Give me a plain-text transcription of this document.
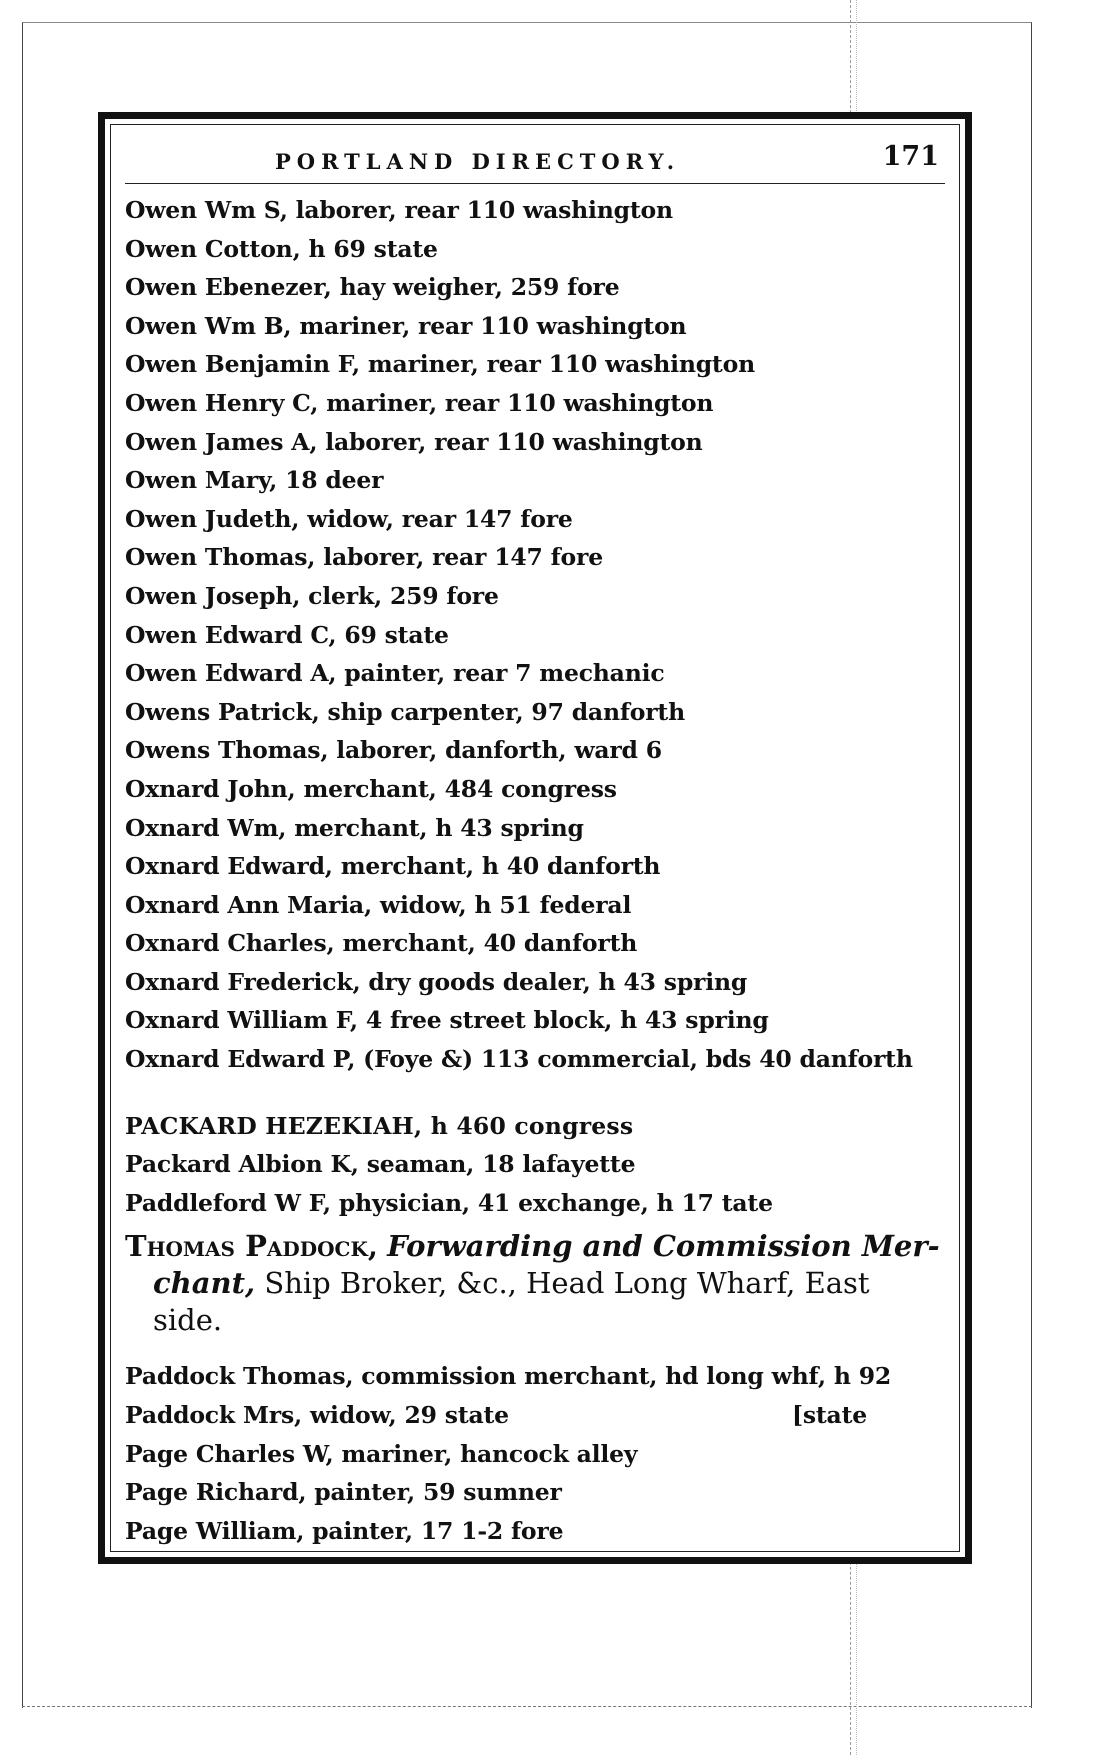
PORTLAND DIRECTORY.	171
Owen Wm S, laborer, rear 110 washington
Owen Cotton, h 69 state
Owen Ebenezer, hay weigher, 259 fore
Owen Wm B, mariner, rear 110 washington
Owen Benjamin F, mariner, rear 110 washington
Owen Henry C, mariner, rear 110 washington
Owen James A, laborer, rear 110 washington
Owen Mary, 18 deer
Owen Judeth, widow, rear 147 fore
Owen Thomas, laborer, rear 147 fore
Owen Joseph, clerk, 259 fore
Owen Edward C, 69 state
Owen Edward A, painter, rear 7 mechanic
Owens Patrick, ship carpenter, 97 danforth
Owens Thomas, laborer, danforth, ward 6
Oxnard John, merchant, 484 congress
Oxnard Wm, merchant, h 43 spring
Oxnard Edward, merchant, h 40 danforth
Oxnard Ann Maria, widow, h 51 federal
Oxnard Charles, merchant, 40 danforth
Oxnard Frederick, dry goods dealer, h 43 spring
Oxnard William F, 4 free street block, h 43 spring
Oxnard Edward P, (Foye &) 113 commercial, bds 40 danforth
PACKARD HEZEKIAH, h 460 congress
Packard Albion K, seaman, 18 lafayette
Paddleford W F, physician, 41 exchange, h 17 tate
Thomas Paddock, Forwarding and Commission Mer-
chant, Ship Broker, &c., Head Long Wharf, East
side.
Paddock Thomas, commission merchant, hd long whf, h 92
Paddock Mrs, widow, 29 state	[state
Page Charles W, mariner, hancock alley
Page Richard, painter, 59 sumner
Page William, painter, 17 1-2 fore
